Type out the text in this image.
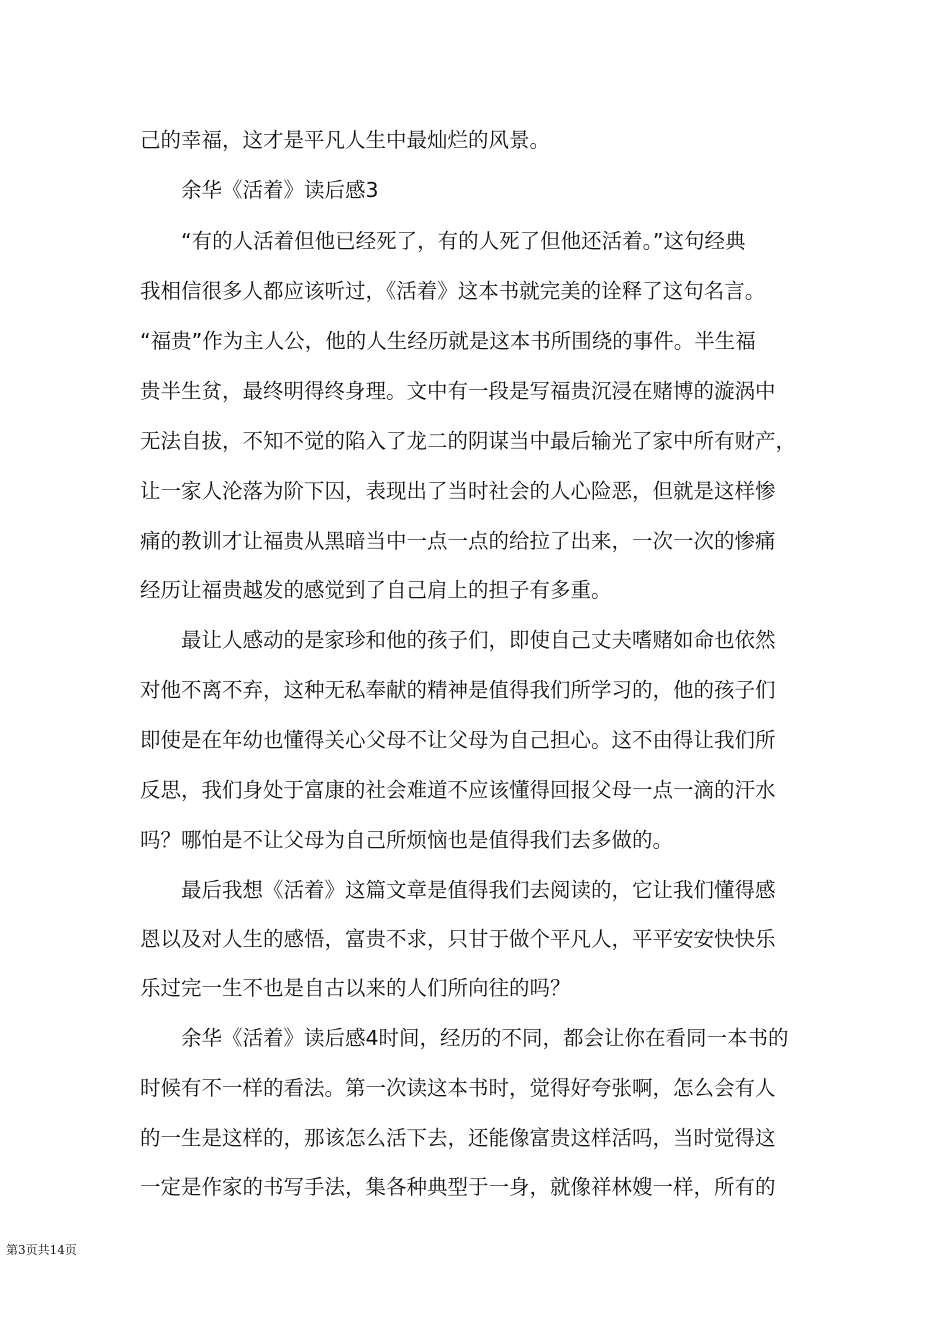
己的幸福，这才是平凡人生中最灿烂的风景。

　　余华《活着》读后感3

　　“有的人活着但他已经死了，有的人死了但他还活着。”这句经典

我相信很多人都应该听过，《活着》这本书就完美的诠释了这句名言。

“福贵”作为主人公，他的人生经历就是这本书所围绕的事件。半生福

贵半生贫，最终明得终身理。文中有一段是写福贵沉浸在赌博的漩涡中

无法自拔，不知不觉的陷入了龙二的阴谋当中最后输光了家中所有财产，

让一家人沦落为阶下囚，表现出了当时社会的人心险恶，但就是这样惨

痛的教训才让福贵从黑暗当中一点一点的给拉了出来，一次一次的惨痛

经历让福贵越发的感觉到了自己肩上的担子有多重。

　　最让人感动的是家珍和他的孩子们，即使自己丈夫嗜赌如命也依然

对他不离不弃，这种无私奉献的精神是值得我们所学习的，他的孩子们

即使是在年幼也懂得关心父母不让父母为自己担心。这不由得让我们所

反思，我们身处于富康的社会难道不应该懂得回报父母一点一滴的汗水

吗？哪怕是不让父母为自己所烦恼也是值得我们去多做的。

　　最后我想《活着》这篇文章是值得我们去阅读的，它让我们懂得感

恩以及对人生的感悟，富贵不求，只甘于做个平凡人，平平安安快快乐

乐过完一生不也是自古以来的人们所向往的吗？

　　余华《活着》读后感4时间，经历的不同，都会让你在看同一本书的

时候有不一样的看法。第一次读这本书时，觉得好夸张啊，怎么会有人

的一生是这样的，那该怎么活下去，还能像富贵这样活吗，当时觉得这

一定是作家的书写手法，集各种典型于一身，就像祥林嫂一样，所有的

第3页共14页
